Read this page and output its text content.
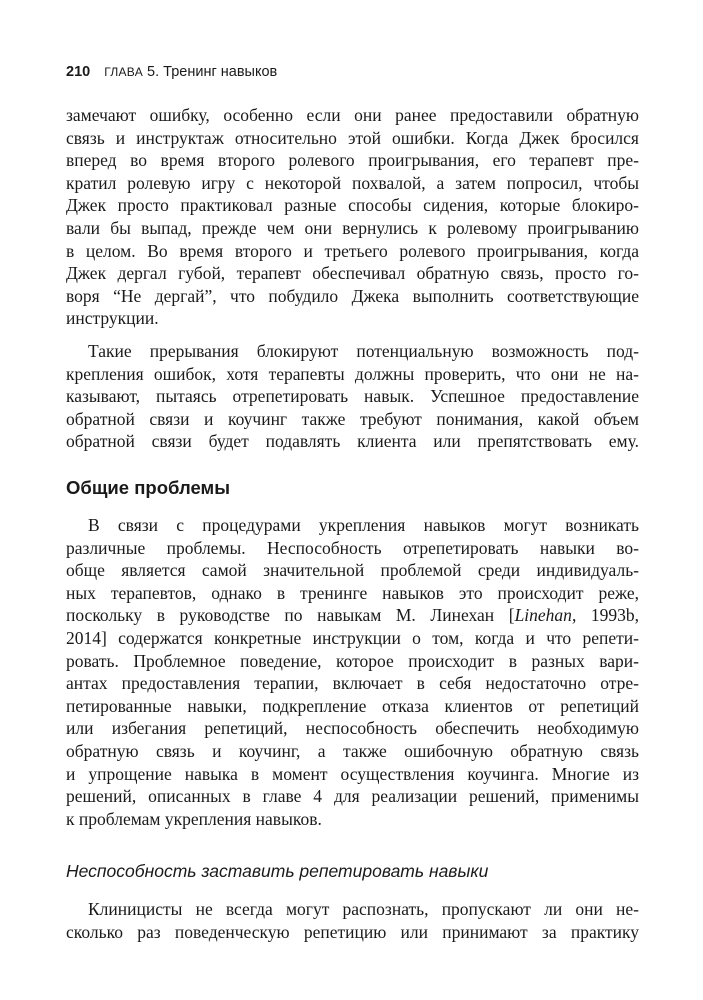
210 ГЛАВА 5. Тренинг навыков

замечают ошибку, особенно если они ранее предоставили обратную
связь и инструктаж относительно этой ошибки. Когда Джек бросился
вперед во время второго ролевого проигрывания, его терапевт пре-
кратил ролевую игру с некоторой похвалой, а затем попросил, чтобы
Джек просто практиковал разные способы сидения, которые блокиро-
вали бы выпад, прежде чем они вернулись к ролевому проигрыванию
в целом. Во время второго и третьего ролевого проигрывания, когда
Джек дергал губой, терапевт обеспечивал обратную связь, просто го-
воря “Не дергай”, что побудило Джека выполнить соответствующие
инструкции.

Такие прерывания блокируют потенциальную возможность под-
крепления ошибок, хотя терапевты должны проверить, что они не на-
казывают, пытаясь отрепетировать навык. Успешное предоставление
обратной связи и коучинг также требуют понимания, какой объем
обратной связи будет подавлять клиента или препятствовать ему.

Общие проблемы

В связи с процедурами укрепления навыков могут возникать
различные проблемы. Неспособность отрепетировать навыки во-
обще является самой значительной проблемой среди индивидуаль-
ных терапевтов, однако в тренинге навыков это происходит реже,
поскольку в руководстве по навыкам М. Линехан [Linehan, 1993b,
2014] содержатся конкретные инструкции о том, когда и что репети-
ровать. Проблемное поведение, которое происходит в разных вари-
антах предоставления терапии, включает в себя недостаточно отре-
петированные навыки, подкрепление отказа клиентов от репетиций
или избегания репетиций, неспособность обеспечить необходимую
обратную связь и коучинг, а также ошибочную обратную связь
и упрощение навыка в момент осуществления коучинга. Многие из
решений, описанных в главе 4 для реализации решений, применимы
к проблемам укрепления навыков.

Неспособность заставить репетировать навыки

Клиницисты не всегда могут распознать, пропускают ли они не-
сколько раз поведенческую репетицию или принимают за практику
